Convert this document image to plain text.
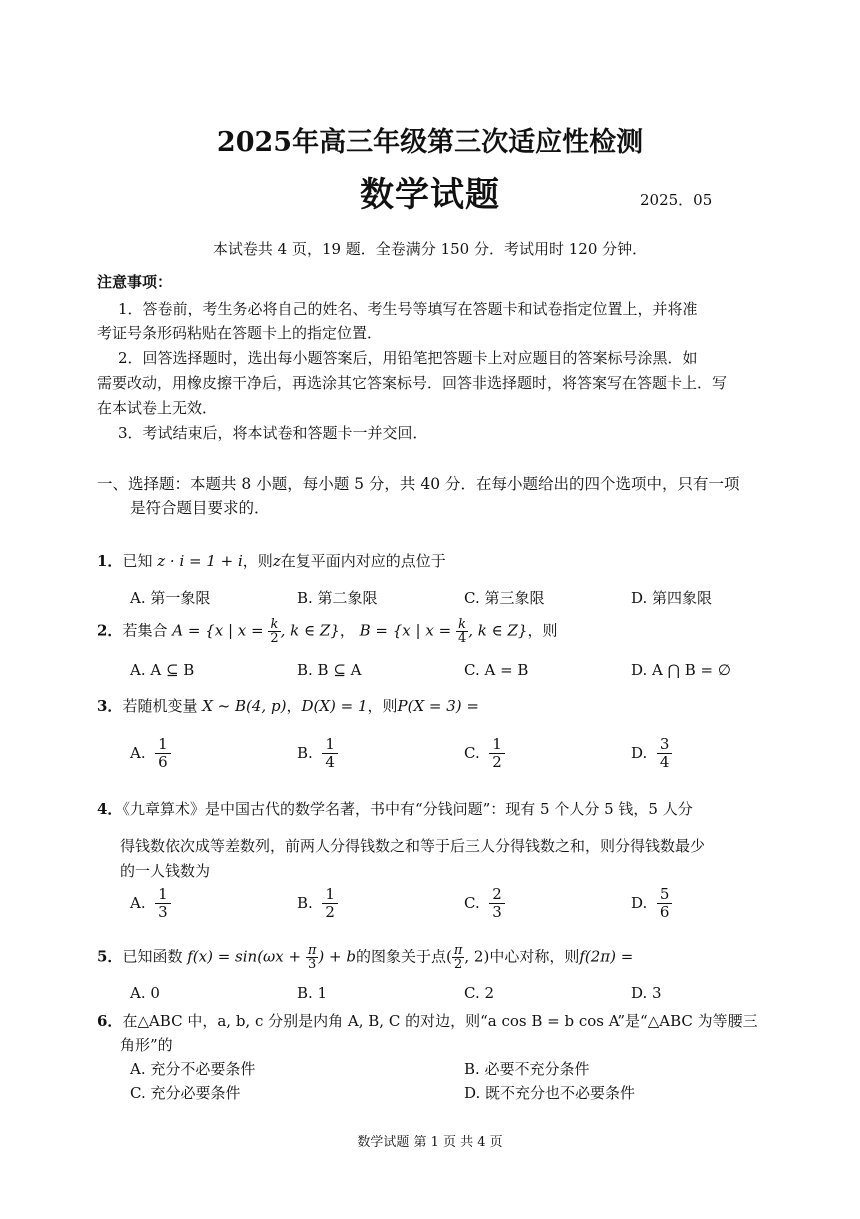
2025年高三年级第三次适应性检测
数学试题	2025．05
本试卷共 4 页，19 题．全卷满分 150 分．考试用时 120 分钟．
注意事项：
1．答卷前，考生务必将自己的姓名、考生号等填写在答题卡和试卷指定位置上，并将准
考证号条形码粘贴在答题卡上的指定位置．
2．回答选择题时，选出每小题答案后，用铅笔把答题卡上对应题目的答案标号涂黑．如
需要改动，用橡皮擦干净后，再选涂其它答案标号．回答非选择题时，将答案写在答题卡上．写
在本试卷上无效．
3．考试结束后，将本试卷和答题卡一并交回．
一、选择题：本题共 8 小题，每小题 5 分，共 40 分．在每小题给出的四个选项中，只有一项
是符合题目要求的．
1．已知 z · i = 1 + i，则z在复平面内对应的点位于
A. 第一象限	B. 第二象限	C. 第三象限	D. 第四象限
2．若集合 A = {x | $x = \frac{k}{2}$ , k ∈ Z}， B = {x | $x = \frac{k}{4}$ , k ∈ Z}，则
A. A ⊆ B	B. B ⊆ A	C. A = B	D. A ⋂ B = ∅
3．若随机变量 X ~ B(4, p)，D(X) = 1，则P(X = 3) =
A. $\frac{1}{6}$	B. $\frac{1}{4}$	C. $\frac{1}{2}$	D. $\frac{3}{4}$
4．《九章算术》是中国古代的数学名著，书中有“分钱问题”：现有 5 个人分 5 钱，5 人分
得钱数依次成等差数列，前两人分得钱数之和等于后三人分得钱数之和，则分得钱数最少
的一人钱数为
A. $\frac{1}{3}$	B. $\frac{1}{2}$	C. $\frac{2}{3}$	D. $\frac{5}{6}$
5．已知函数 $f(x) = \sin(\omega x + \frac{\pi}{3}$ ) + b的图象关于点( $\frac{\pi}{2}$ , 2)中心对称，则f(2π) =
A. 0	B. 1	C. 2	D. 3
6．在△ABC 中，a, b, c 分别是内角 A, B, C 的对边，则“a cos B = b cos A”是“△ABC 为等腰三
角形”的
A. 充分不必要条件	B. 必要不充分条件
C. 充分必要条件	D. 既不充分也不必要条件
数学试题 第 1 页 共 4 页
